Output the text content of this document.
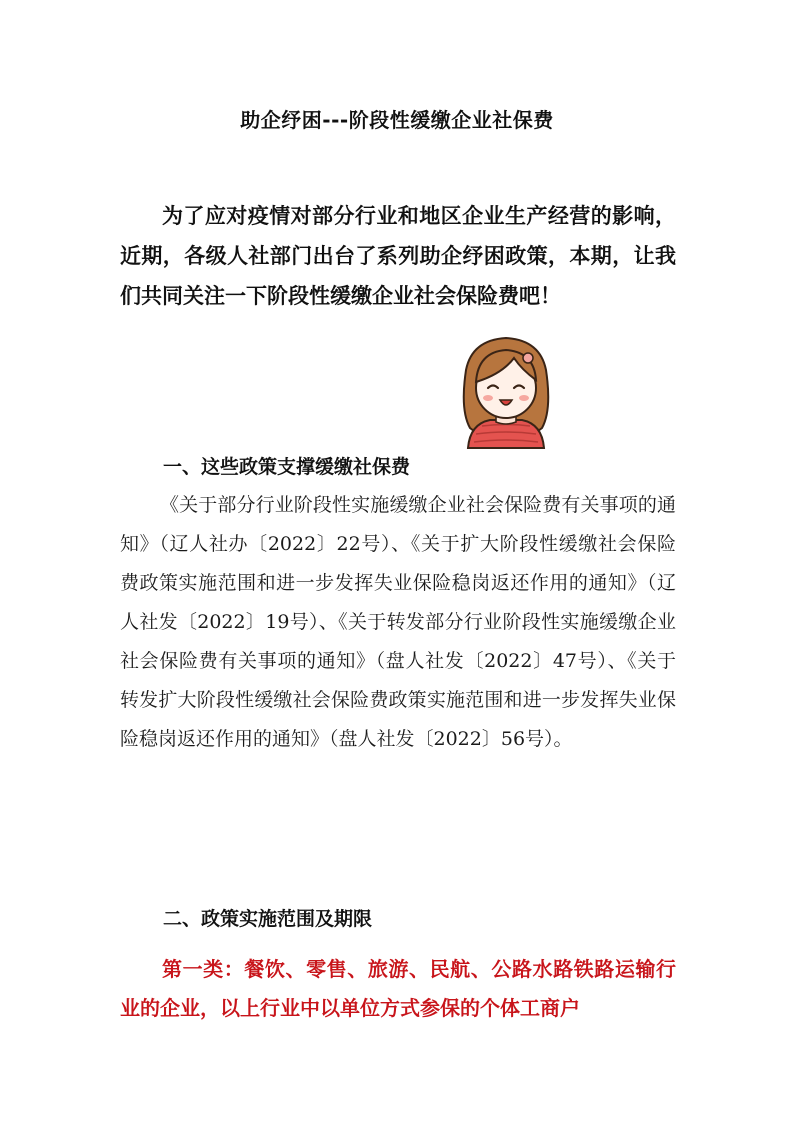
助企纾困---阶段性缓缴企业社保费

为了应对疫情对部分行业和地区企业生产经营的影响，近期，各级人社部门出台了系列助企纾困政策，本期，让我们共同关注一下阶段性缓缴企业社会保险费吧！

一、这些政策支撑缓缴社保费

《关于部分行业阶段性实施缓缴企业社会保险费有关事项的通知》（辽人社办〔2022〕22号）、《关于扩大阶段性缓缴社会保险费政策实施范围和进一步发挥失业保险稳岗返还作用的通知》（辽人社发〔2022〕19号）、《关于转发部分行业阶段性实施缓缴企业社会保险费有关事项的通知》（盘人社发〔2022〕47号）、《关于转发扩大阶段性缓缴社会保险费政策实施范围和进一步发挥失业保险稳岗返还作用的通知》（盘人社发〔2022〕56号）。

二、政策实施范围及期限

第一类：餐饮、零售、旅游、民航、公路水路铁路运输行业的企业，以上行业中以单位方式参保的个体工商户
